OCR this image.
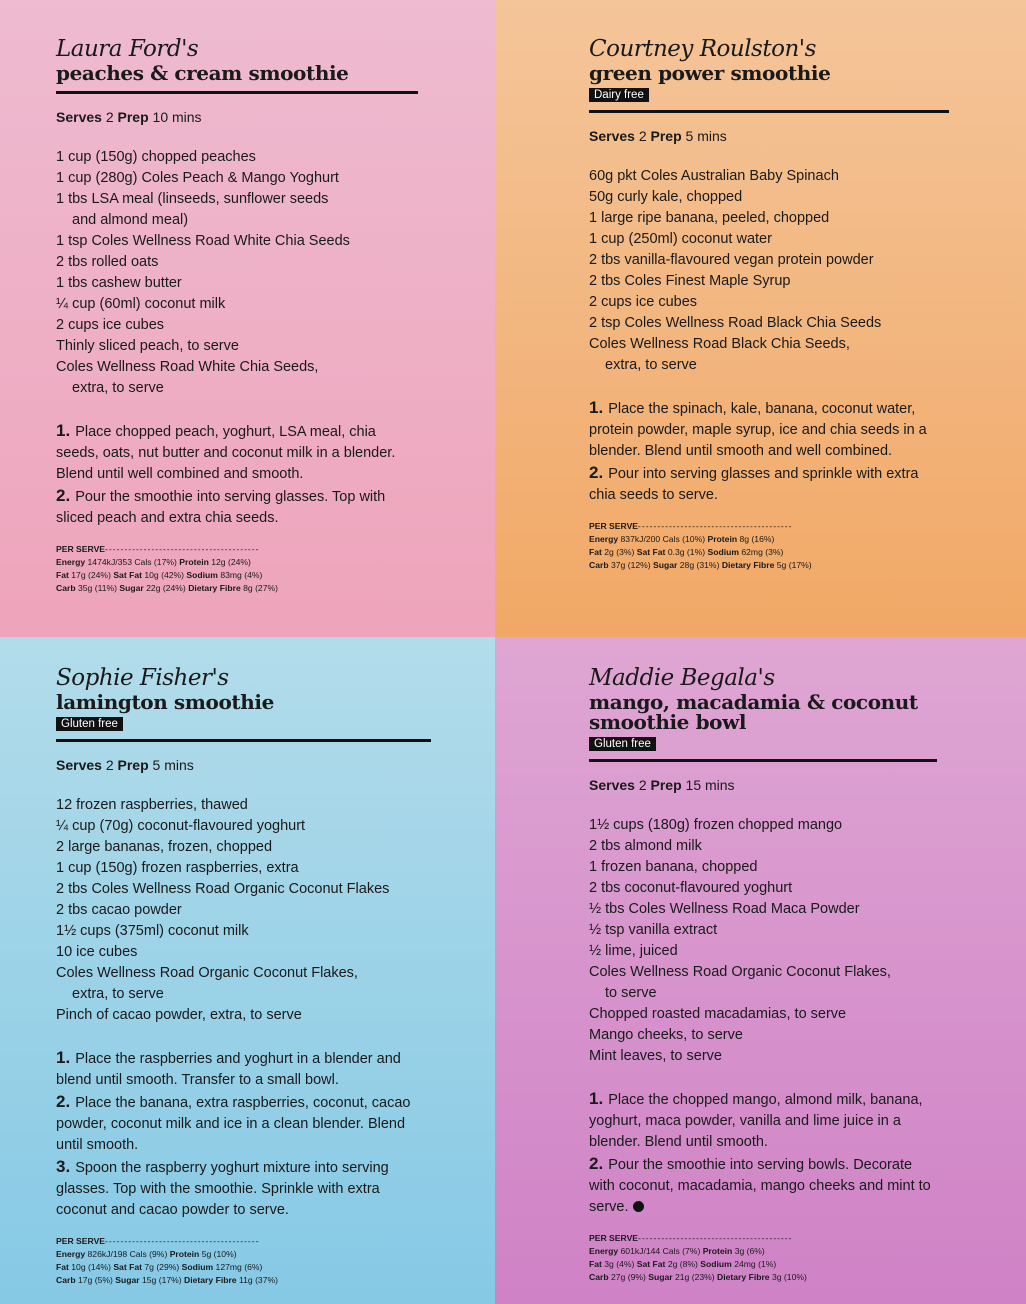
Laura Ford's
peaches & cream smoothie
Serves 2 Prep 10 mins
1 cup (150g) chopped peaches
1 cup (280g) Coles Peach & Mango Yoghurt
1 tbs LSA meal (linseeds, sunflower seeds
and almond meal)
1 tsp Coles Wellness Road White Chia Seeds
2 tbs rolled oats
1 tbs cashew butter
¼ cup (60ml) coconut milk
2 cups ice cubes
Thinly sliced peach, to serve
Coles Wellness Road White Chia Seeds,
extra, to serve
1. Place chopped peach, yoghurt, LSA meal, chia seeds, oats, nut butter and coconut milk in a blender. Blend until well combined and smooth.
2. Pour the smoothie into serving glasses. Top with sliced peach and extra chia seeds.
PER SERVE----------------------------------------
Energy 1474kJ/353 Cals (17%) Protein 12g (24%)
Fat 17g (24%) Sat Fat 10g (42%) Sodium 83mg (4%)
Carb 35g (11%) Sugar 22g (24%) Dietary Fibre 8g (27%)
Courtney Roulston's
green power smoothie
Dairy free
Serves 2 Prep 5 mins
60g pkt Coles Australian Baby Spinach
50g curly kale, chopped
1 large ripe banana, peeled, chopped
1 cup (250ml) coconut water
2 tbs vanilla-flavoured vegan protein powder
2 tbs Coles Finest Maple Syrup
2 cups ice cubes
2 tsp Coles Wellness Road Black Chia Seeds
Coles Wellness Road Black Chia Seeds,
extra, to serve
1. Place the spinach, kale, banana, coconut water, protein powder, maple syrup, ice and chia seeds in a blender. Blend until smooth and well combined.
2. Pour into serving glasses and sprinkle with extra chia seeds to serve.
PER SERVE----------------------------------------
Energy 837kJ/200 Cals (10%) Protein 8g (16%)
Fat 2g (3%) Sat Fat 0.3g (1%) Sodium 62mg (3%)
Carb 37g (12%) Sugar 28g (31%) Dietary Fibre 5g (17%)
Sophie Fisher's
lamington smoothie
Gluten free
Serves 2 Prep 5 mins
12 frozen raspberries, thawed
¼ cup (70g) coconut-flavoured yoghurt
2 large bananas, frozen, chopped
1 cup (150g) frozen raspberries, extra
2 tbs Coles Wellness Road Organic Coconut Flakes
2 tbs cacao powder
1½ cups (375ml) coconut milk
10 ice cubes
Coles Wellness Road Organic Coconut Flakes,
extra, to serve
Pinch of cacao powder, extra, to serve
1. Place the raspberries and yoghurt in a blender and blend until smooth. Transfer to a small bowl.
2. Place the banana, extra raspberries, coconut, cacao powder, coconut milk and ice in a clean blender. Blend until smooth.
3. Spoon the raspberry yoghurt mixture into serving glasses. Top with the smoothie. Sprinkle with extra coconut and cacao powder to serve.
PER SERVE----------------------------------------
Energy 826kJ/198 Cals (9%) Protein 5g (10%)
Fat 10g (14%) Sat Fat 7g (29%) Sodium 127mg (6%)
Carb 17g (5%) Sugar 15g (17%) Dietary Fibre 11g (37%)
Maddie Begala's
mango, macadamia & coconut
smoothie bowl
Gluten free
Serves 2 Prep 15 mins
1½ cups (180g) frozen chopped mango
2 tbs almond milk
1 frozen banana, chopped
2 tbs coconut-flavoured yoghurt
½ tbs Coles Wellness Road Maca Powder
½ tsp vanilla extract
½ lime, juiced
Coles Wellness Road Organic Coconut Flakes,
to serve
Chopped roasted macadamias, to serve
Mango cheeks, to serve
Mint leaves, to serve
1. Place the chopped mango, almond milk, banana, yoghurt, maca powder, vanilla and lime juice in a blender. Blend until smooth.
2. Pour the smoothie into serving bowls. Decorate with coconut, macadamia, mango cheeks and mint to serve.
PER SERVE----------------------------------------
Energy 601kJ/144 Cals (7%) Protein 3g (6%)
Fat 3g (4%) Sat Fat 2g (8%) Sodium 24mg (1%)
Carb 27g (9%) Sugar 21g (23%) Dietary Fibre 3g (10%)
